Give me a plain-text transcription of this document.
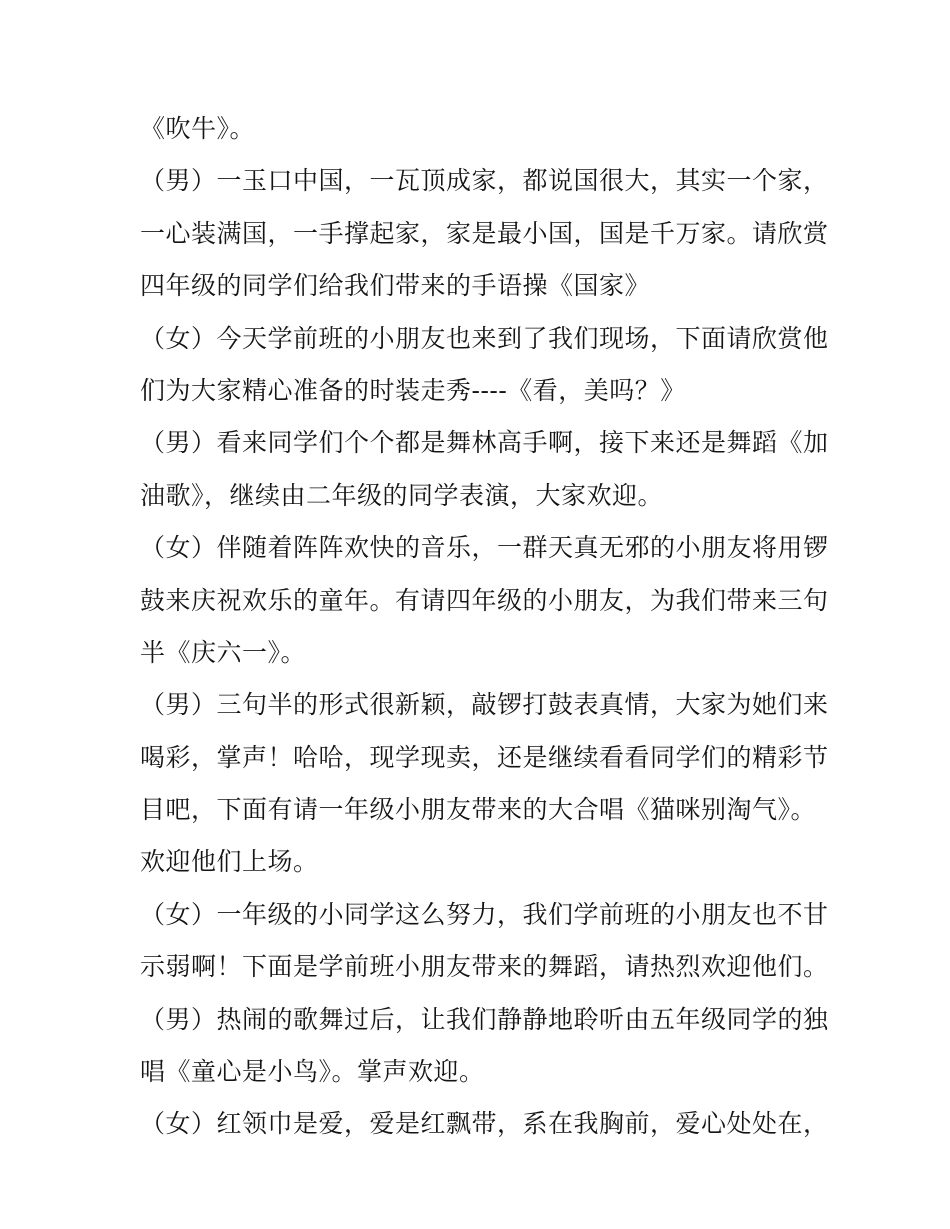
《吹牛》。
（男）一玉口中国，一瓦顶成家，都说国很大，其实一个家，
一心装满国，一手撑起家，家是最小国，国是千万家。请欣赏
四年级的同学们给我们带来的手语操《国家》
（女）今天学前班的小朋友也来到了我们现场，下面请欣赏他
们为大家精心准备的时装走秀----《看，美吗？》
（男）看来同学们个个都是舞林高手啊，接下来还是舞蹈《加
油歌》，继续由二年级的同学表演，大家欢迎。
（女）伴随着阵阵欢快的音乐，一群天真无邪的小朋友将用锣
鼓来庆祝欢乐的童年。有请四年级的小朋友，为我们带来三句
半《庆六一》。
（男）三句半的形式很新颖，敲锣打鼓表真情，大家为她们来
喝彩，掌声！哈哈，现学现卖，还是继续看看同学们的精彩节
目吧，下面有请一年级小朋友带来的大合唱《猫咪别淘气》。
欢迎他们上场。
（女）一年级的小同学这么努力，我们学前班的小朋友也不甘
示弱啊！下面是学前班小朋友带来的舞蹈，请热烈欢迎他们。
（男）热闹的歌舞过后，让我们静静地聆听由五年级同学的独
唱《童心是小鸟》。掌声欢迎。
（女）红领巾是爱，爱是红飘带，系在我胸前，爱心处处在，
